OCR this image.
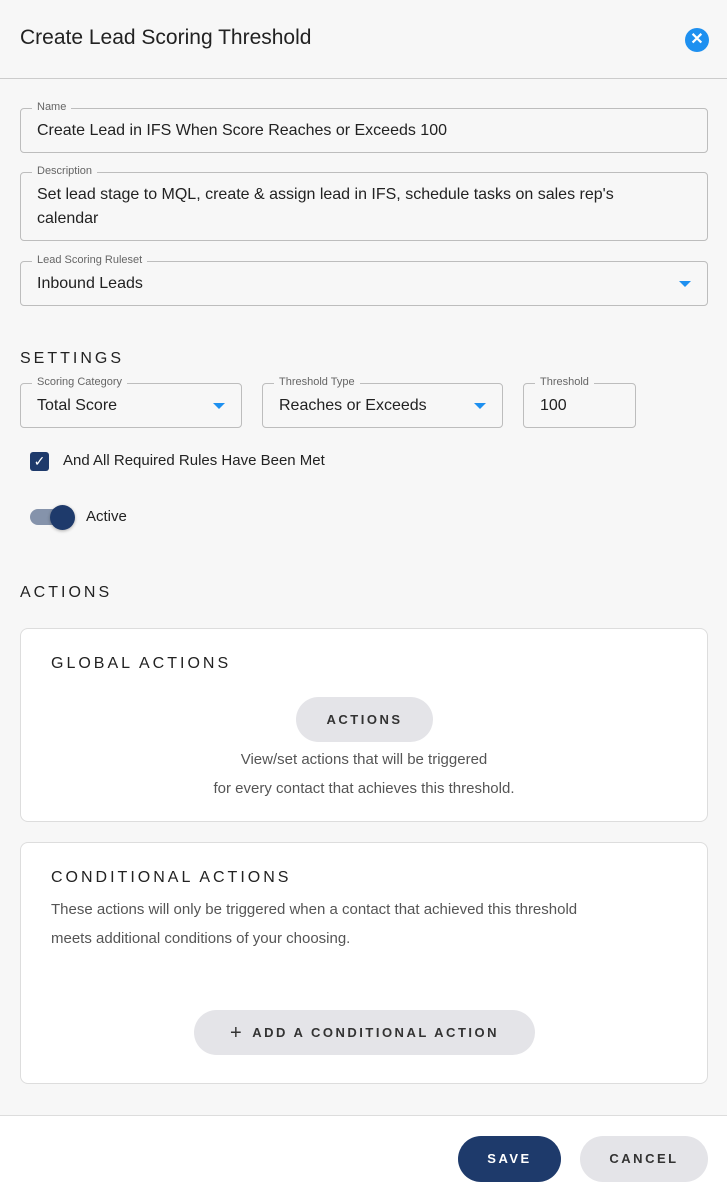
Create Lead Scoring Threshold	✕
Name
Create Lead in IFS When Score Reaches or Exceeds 100
Description
Set lead stage to MQL, create & assign lead in IFS, schedule tasks on sales rep's calendar
Lead Scoring Ruleset
Inbound Leads
SETTINGS
Scoring Category
Total Score
Threshold Type
Reaches or Exceeds
Threshold
100
✓ And All Required Rules Have Been Met
Active
ACTIONS
GLOBAL ACTIONS
ACTIONS
View/set actions that will be triggered
for every contact that achieves this threshold.
CONDITIONAL ACTIONS
These actions will only be triggered when a contact that achieved this threshold
meets additional conditions of your choosing.
+ ADD A CONDITIONAL ACTION
SAVE	CANCEL
